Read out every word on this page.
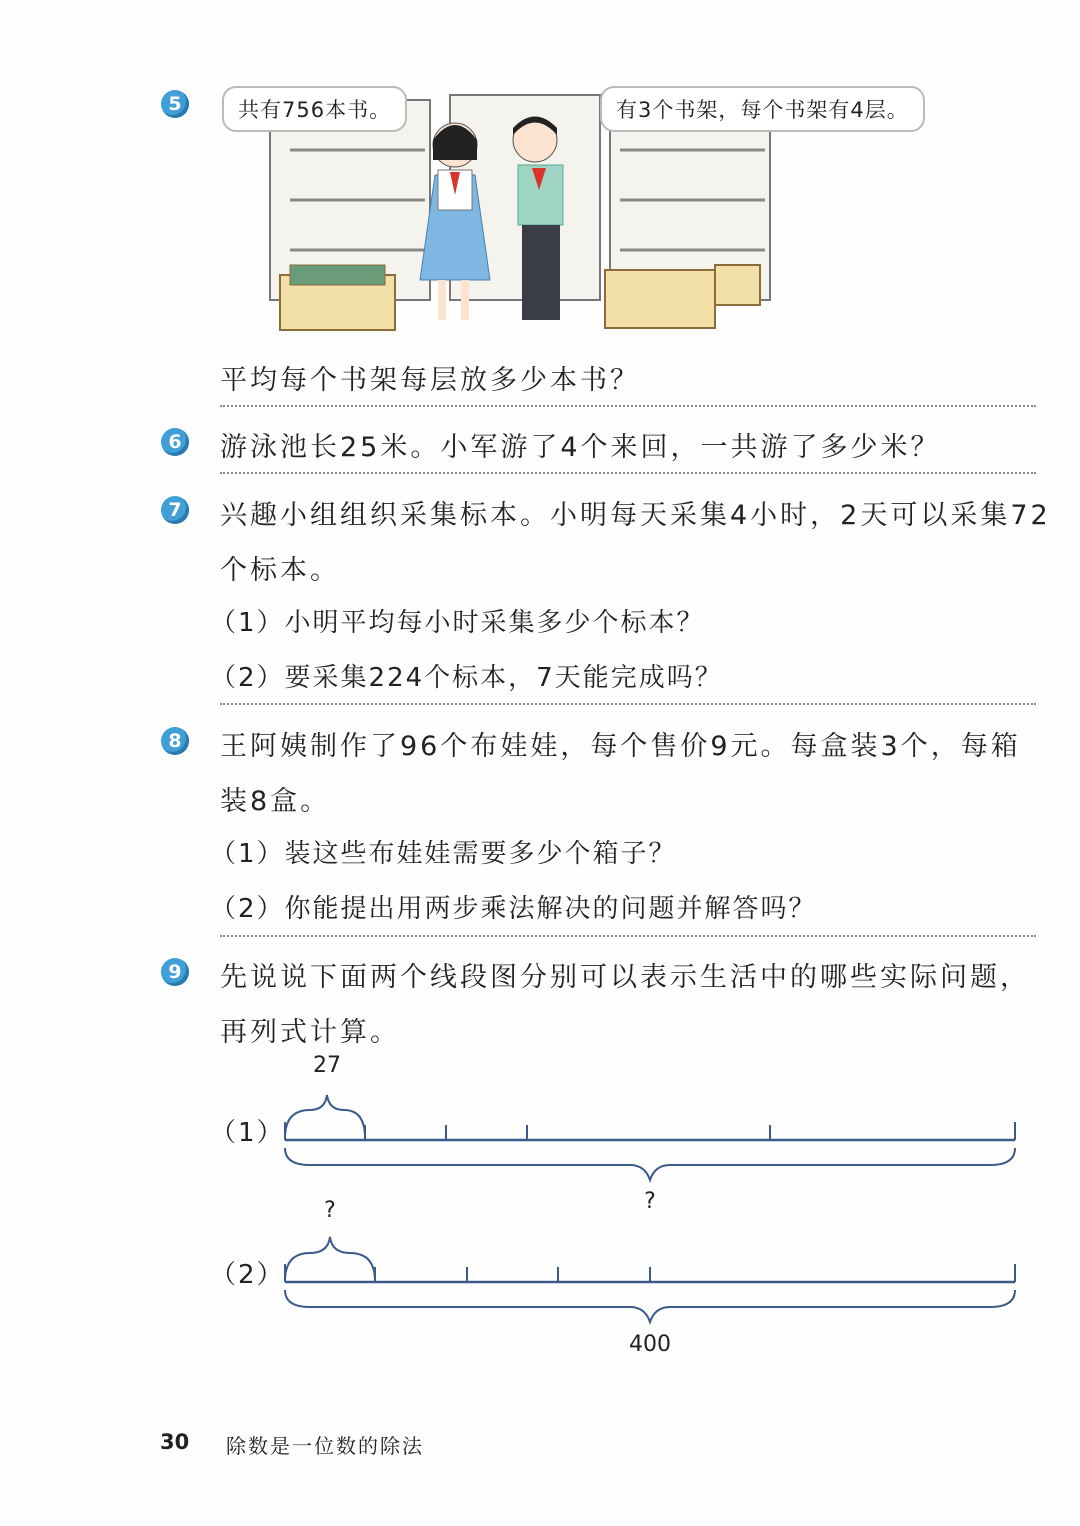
5	共有756本书。	有3个书架，每个书架有4层。
平均每个书架每层放多少本书？
6 游泳池长25米。小军游了4个来回，一共游了多少米？
7 兴趣小组组织采集标本。小明每天采集4小时，2天可以采集72
个标本。
（1）小明平均每小时采集多少个标本？
（2）要采集224个标本，7天能完成吗？
8 王阿姨制作了96个布娃娃，每个售价9元。每盒装3个，每箱
装8盒。
（1）装这些布娃娃需要多少个箱子？
（2）你能提出用两步乘法解决的问题并解答吗？
9 先说说下面两个线段图分别可以表示生活中的哪些实际问题，
再列式计算。
（1）
27
?
（2）
?
400
30 除数是一位数的除法
